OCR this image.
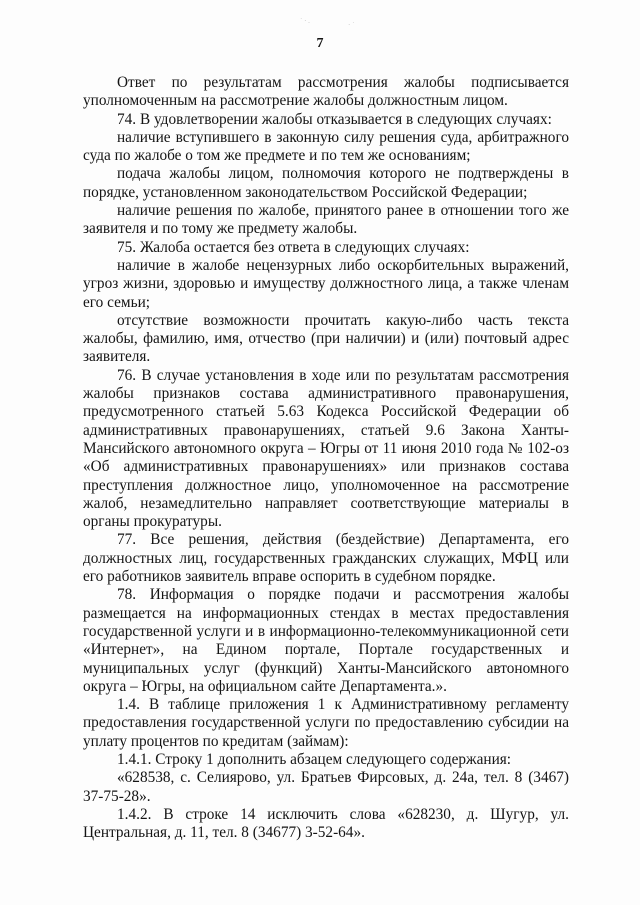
˙ · .	· ˙
7

Ответ по результатам рассмотрения жалобы подписывается уполномоченным на рассмотрение жалобы должностным лицом.

74. В удовлетворении жалобы отказывается в следующих случаях:

наличие вступившего в законную силу решения суда, арбитражного суда по жалобе о том же предмете и по тем же основаниям;

подача жалобы лицом, полномочия которого не подтверждены в порядке, установленном законодательством Российской Федерации;

наличие решения по жалобе, принятого ранее в отношении того же заявителя и по тому же предмету жалобы.

75. Жалоба остается без ответа в следующих случаях:

наличие в жалобе нецензурных либо оскорбительных выражений, угроз жизни, здоровью и имуществу должностного лица, а также членам его семьи;

отсутствие возможности прочитать какую-либо часть текста жалобы, фамилию, имя, отчество (при наличии) и (или) почтовый адрес заявителя.

76. В случае установления в ходе или по результатам рассмотрения жалобы признаков состава административного правонарушения, предусмотренного статьей 5.63 Кодекса Российской Федерации об административных правонарушениях, статьей 9.6 Закона Ханты-Мансийского автономного округа – Югры от 11 июня 2010 года № 102-оз «Об административных правонарушениях» или признаков состава преступления должностное лицо, уполномоченное на рассмотрение жалоб, незамедлительно направляет соответствующие материалы в органы прокуратуры.

77. Все решения, действия (бездействие) Департамента, его должностных лиц, государственных гражданских служащих, МФЦ или его работников заявитель вправе оспорить в судебном порядке.

78. Информация о порядке подачи и рассмотрения жалобы размещается на информационных стендах в местах предоставления государственной услуги и в информационно-телекоммуникационной сети «Интернет», на Едином портале, Портале государственных и муниципальных услуг (функций) Ханты-Мансийского автономного округа – Югры, на официальном сайте Департамента.».

1.4. В таблице приложения 1 к Административному регламенту предоставления государственной услуги по предоставлению субсидии на уплату процентов по кредитам (займам):

1.4.1. Строку 1 дополнить абзацем следующего содержания:

«628538, с. Селиярово, ул. Братьев Фирсовых, д. 24а, тел. 8 (3467) 37-75-28».

1.4.2. В строке 14 исключить слова «628230, д. Шугур, ул. Центральная, д. 11, тел. 8 (34677) 3-52-64».
